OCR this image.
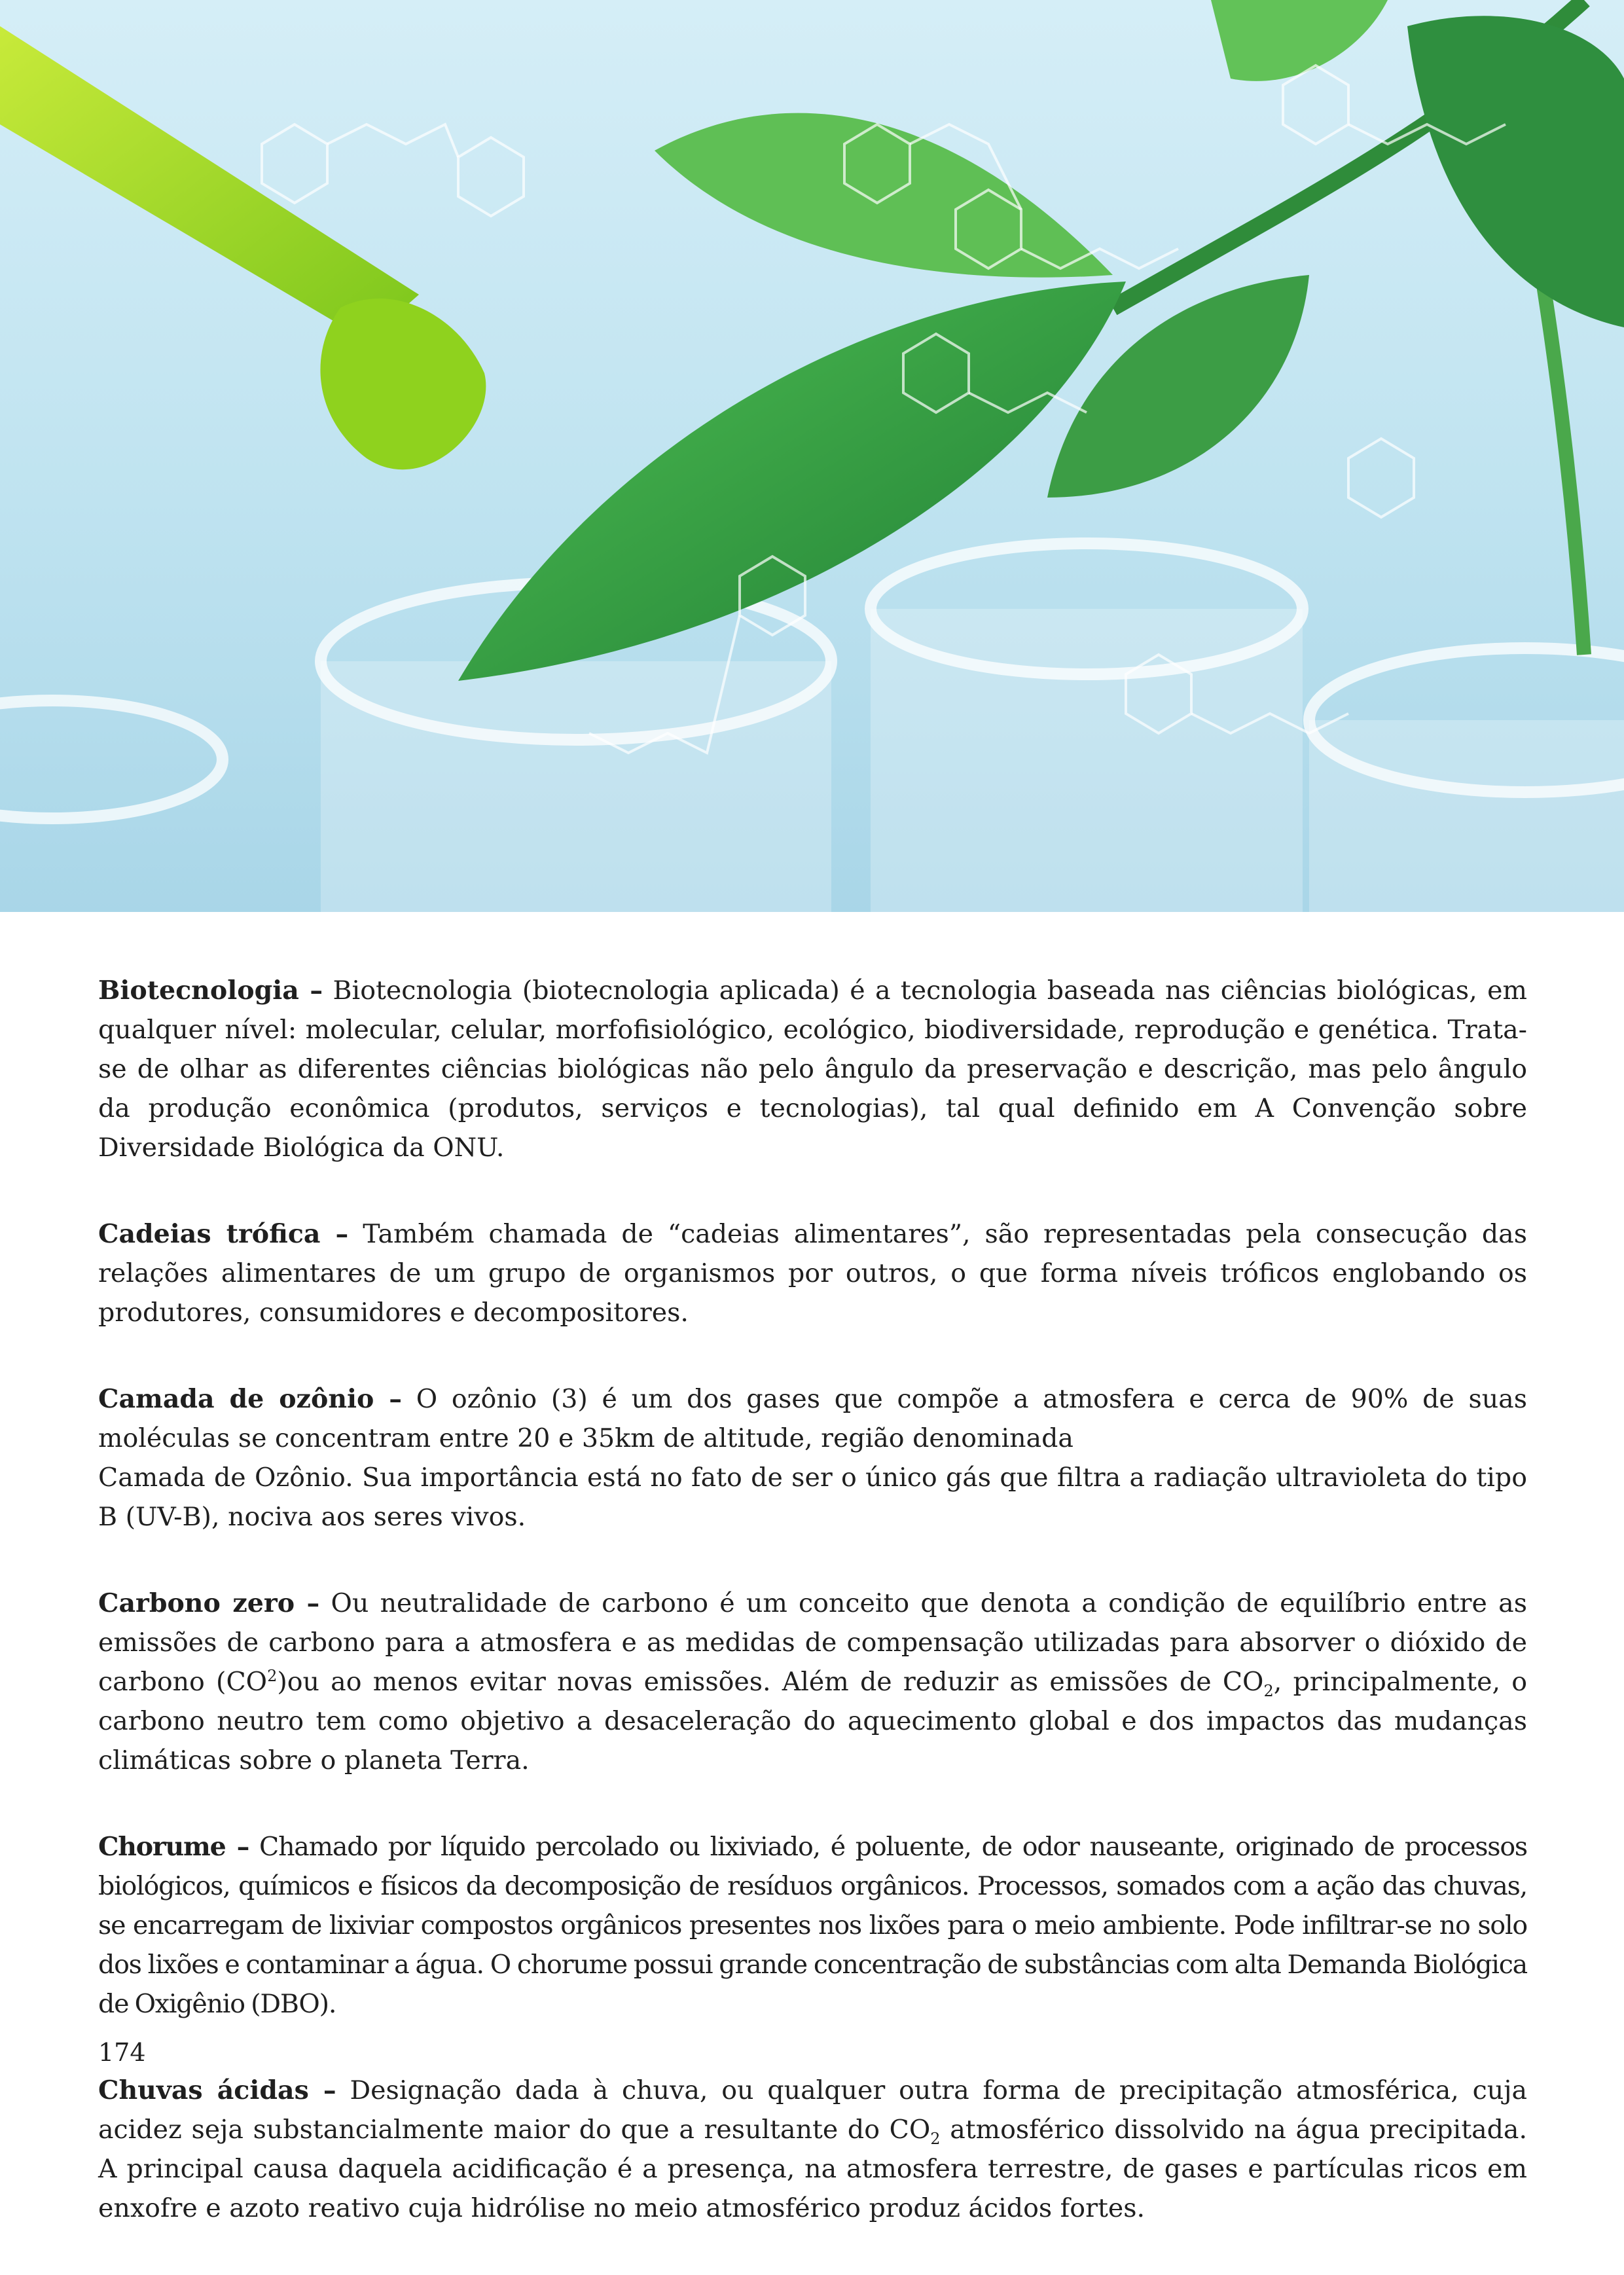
Biotecnologia – Biotecnologia (biotecnologia aplicada) é a tecnologia baseada nas ciências biológicas, em qualquer nível: molecular, celular, morfofisiológico, ecológico, biodiversidade, reprodução e genética. Trata-se de olhar as diferentes ciências biológicas não pelo ângulo da preservação e descrição, mas pelo ângulo da produção econômica (produtos, serviços e tecnologias), tal qual definido em A Convenção sobre Diversidade Biológica da ONU.

Cadeias trófica – Também chamada de “cadeias alimentares”, são representadas pela consecução das relações alimentares de um grupo de organismos por outros, o que forma níveis tróficos englobando os produtores, consumidores e decompositores.

Camada de ozônio – O ozônio (3) é um dos gases que compõe a atmosfera e cerca de 90% de suas moléculas se concentram entre 20 e 35km de altitude, região denominada
Camada de Ozônio. Sua importância está no fato de ser o único gás que filtra a radiação ultravioleta do tipo B (UV-B), nociva aos seres vivos.

Carbono zero – Ou neutralidade de carbono é um conceito que denota a condição de equilíbrio entre as emissões de carbono para a atmosfera e as medidas de compensação utilizadas para absorver o dióxido de carbono $(CO^2)ou$ ao menos evitar novas emissões. Além de reduzir as emissões de $CO_2$, principalmente, o carbono neutro tem como objetivo a desaceleração do aquecimento global e dos impactos das mudanças climáticas sobre o planeta Terra.

Chorume – Chamado por líquido percolado ou lixiviado, é poluente, de odor nauseante, originado de processos biológicos, químicos e físicos da decomposição de resíduos orgânicos. Processos, somados com a ação das chuvas, se encarregam de lixiviar compostos orgânicos presentes nos lixões para o meio ambiente. Pode infiltrar-se no solo dos lixões e contaminar a água. O chorume possui grande concentração de substâncias com alta Demanda Biológica de Oxigênio (DBO).

Chuvas ácidas – Designação dada à chuva, ou qualquer outra forma de precipitação atmosférica, cuja acidez seja substancialmente maior do que a resultante do $CO_2$ atmosférico dissolvido na água precipitada. A principal causa daquela acidificação é a presença, na atmosfera terrestre, de gases e partículas ricos em enxofre e azoto reativo cuja hidrólise no meio atmosférico produz ácidos fortes.

174
